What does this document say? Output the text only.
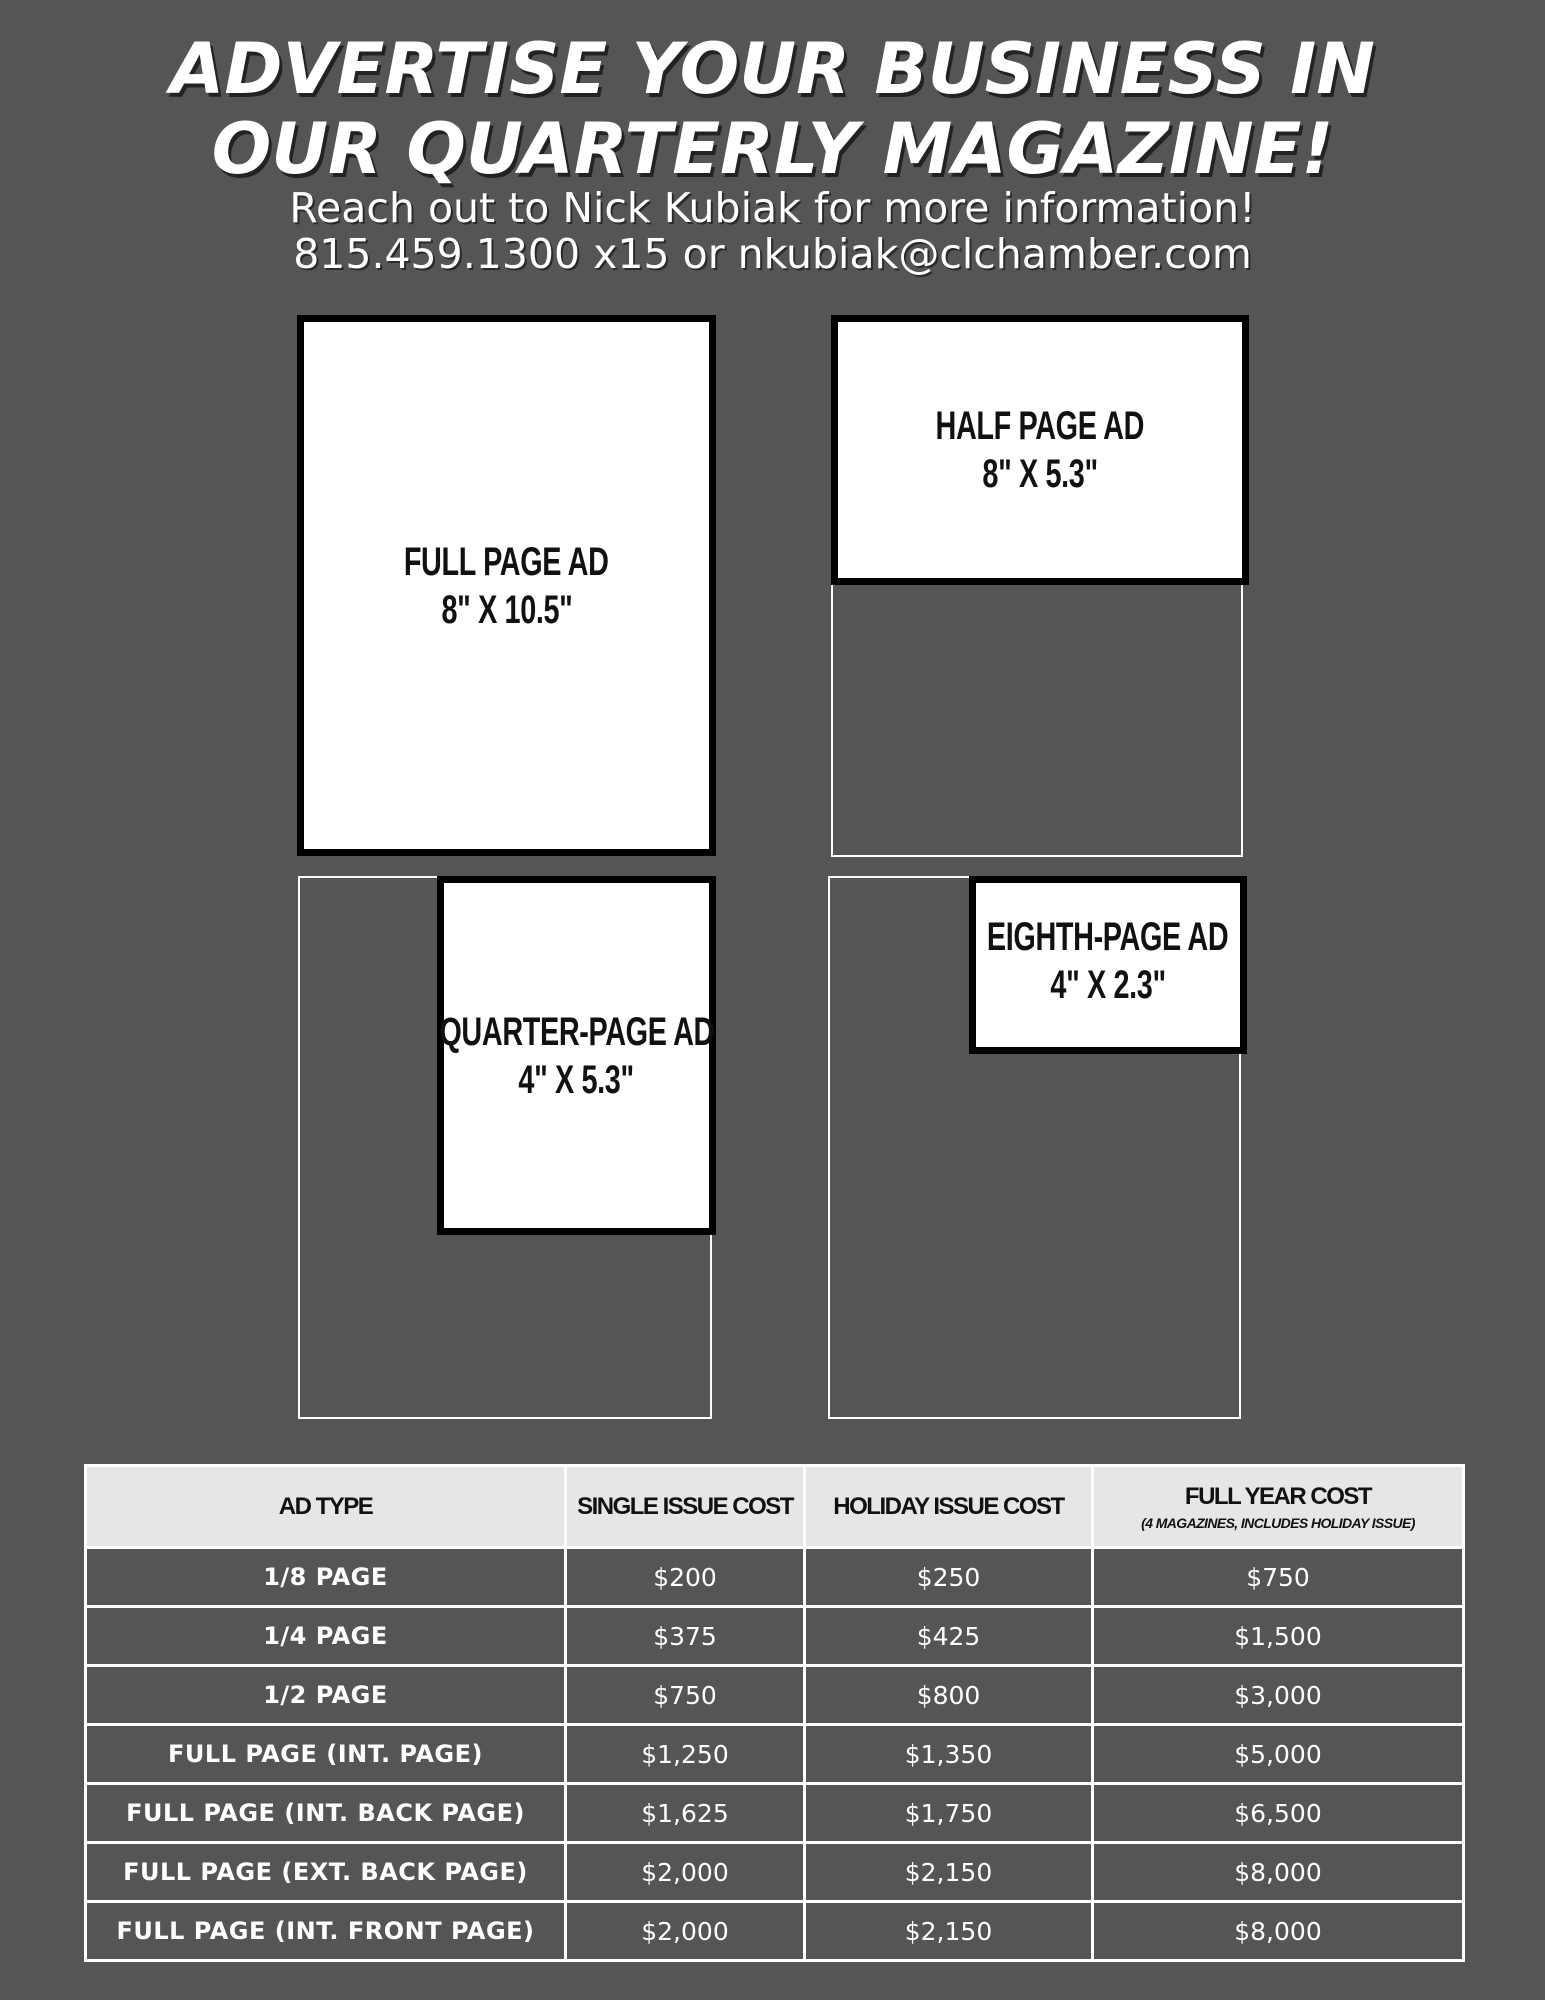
ADVERTISE YOUR BUSINESS IN
OUR QUARTERLY MAGAZINE!
Reach out to Nick Kubiak for more information!
815.459.1300 x15 or nkubiak@clchamber.com
FULL PAGE AD
8" X 10.5"
HALF PAGE AD
8" X 5.3"
QUARTER-PAGE AD
4" X 5.3"
EIGHTH-PAGE AD
4" X 2.3"
AD TYPE	SINGLE ISSUE COST	HOLIDAY ISSUE COST	FULL YEAR COST
(4 MAGAZINES, INCLUDES HOLIDAY ISSUE)

1/8 PAGE	$200	$250	$750
1/4 PAGE	$375	$425	$1,500
1/2 PAGE	$750	$800	$3,000
FULL PAGE (INT. PAGE)	$1,250	$1,350	$5,000
FULL PAGE (INT. BACK PAGE)	$1,625	$1,750	$6,500
FULL PAGE (EXT. BACK PAGE)	$2,000	$2,150	$8,000
FULL PAGE (INT. FRONT PAGE)	$2,000	$2,150	$8,000
